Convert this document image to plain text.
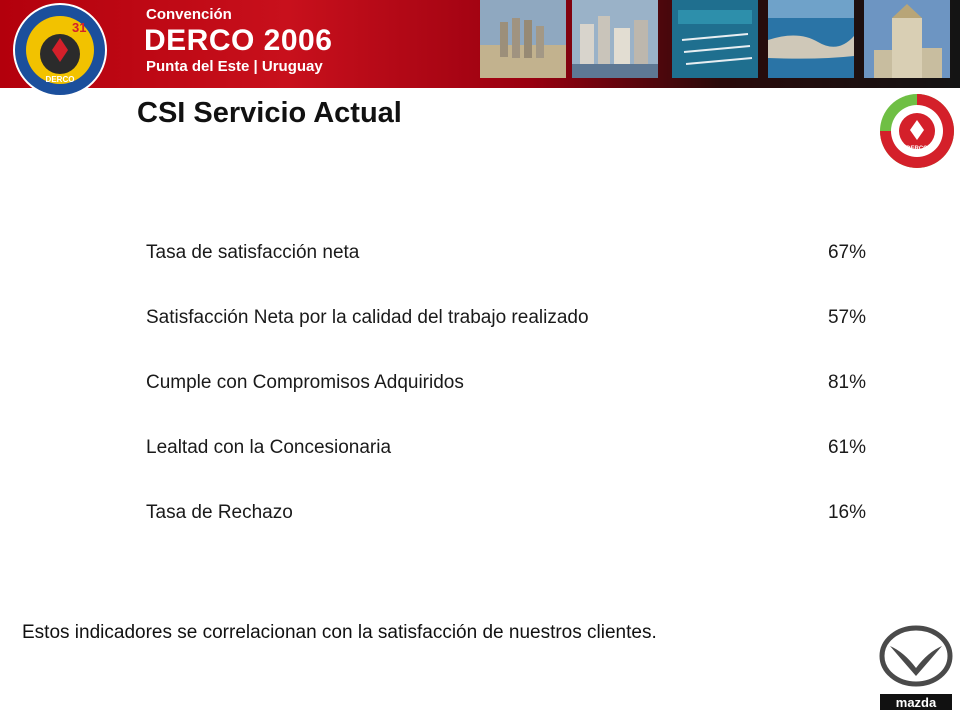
31
DERCO
Convención
DERCO 2006
Punta del Este | Uruguay
CSI Servicio Actual
DERCO
Tasa de satisfacción neta	67%
Satisfacción Neta por la calidad del trabajo realizado	57%
Cumple con Compromisos Adquiridos	81%
Lealtad con la Concesionaria	61%
Tasa de Rechazo	16%
Estos indicadores se correlacionan con la satisfacción de nuestros clientes.
mazda
